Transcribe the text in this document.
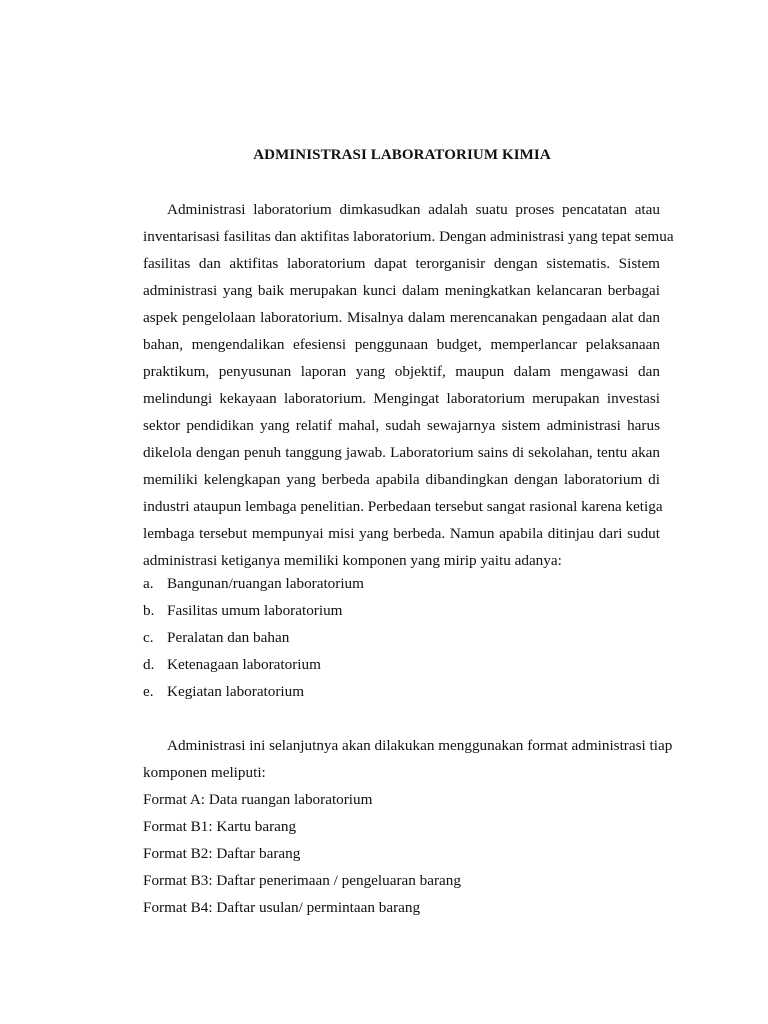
ADMINISTRASI LABORATORIUM KIMIA
Administrasi laboratorium dimkasudkan adalah suatu proses pencatatan atau
inventarisasi fasilitas dan aktifitas laboratorium. Dengan administrasi yang tepat semua
fasilitas dan aktifitas laboratorium dapat terorganisir dengan sistematis. Sistem
administrasi yang baik merupakan kunci dalam meningkatkan kelancaran berbagai
aspek pengelolaan laboratorium. Misalnya dalam merencanakan pengadaan alat dan
bahan, mengendalikan efesiensi penggunaan budget, memperlancar pelaksanaan
praktikum, penyusunan laporan yang objektif, maupun dalam mengawasi dan
melindungi kekayaan laboratorium. Mengingat laboratorium merupakan investasi
sektor pendidikan yang relatif mahal, sudah sewajarnya sistem administrasi harus
dikelola dengan penuh tanggung jawab. Laboratorium sains di sekolahan, tentu akan
memiliki kelengkapan yang berbeda apabila dibandingkan dengan laboratorium di
industri ataupun lembaga penelitian. Perbedaan tersebut sangat rasional karena ketiga
lembaga tersebut mempunyai misi yang berbeda. Namun apabila ditinjau dari sudut
administrasi ketiganya memiliki komponen yang mirip yaitu adanya:
a. Bangunan/ruangan laboratorium
b. Fasilitas umum laboratorium
c. Peralatan dan bahan
d. Ketenagaan laboratorium
e. Kegiatan laboratorium
Administrasi ini selanjutnya akan dilakukan menggunakan format administrasi tiap
komponen meliputi:
Format A: Data ruangan laboratorium
Format B1: Kartu barang
Format B2: Daftar barang
Format B3: Daftar penerimaan / pengeluaran barang
Format B4: Daftar usulan/ permintaan barang
